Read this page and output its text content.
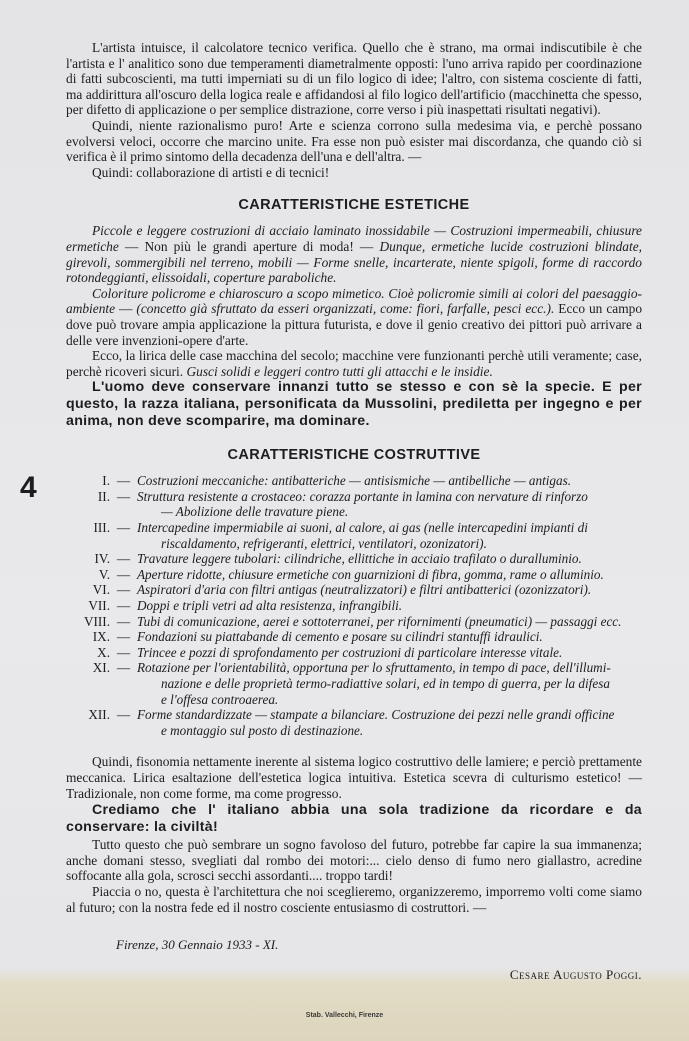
L'artista intuisce, il calcolatore tecnico verifica. Quello che è strano, ma ormai indiscutibile è che l'artista e l' analitico sono due temperamenti diametralmente opposti: l'uno arriva rapido per coordinazione di fatti subcoscienti, ma tutti imperniati su di un filo logico di idee; l'altro, con sistema cosciente di fatti, ma addirittura all'oscuro della logica reale e affidandosi al filo logico dell'artificio (macchinetta che spesso, per difetto di applicazione o per semplice distrazione, corre verso i più inaspettati risultati negativi).

Quindi, niente razionalismo puro! Arte e scienza corrono sulla medesima via, e perchè possano evolversi veloci, occorre che marcino unite. Fra esse non può esister mai discordanza, che quando ciò si verifica è il primo sintomo della decadenza dell'una e dell'altra. —

Quindi: collaborazione di artisti e di tecnici!

CARATTERISTICHE ESTETICHE

Piccole e leggere costruzioni di acciaio laminato inossidabile — Costruzioni impermeabili, chiusure ermetiche — Non più le grandi aperture di moda! — Dunque, ermetiche lucide costruzioni blindate, girevoli, sommergibili nel terreno, mobili — Forme snelle, incarterate, niente spigoli, forme di raccordo rotondeggianti, elissoidali, coperture paraboliche.

Coloriture policrome e chiaroscuro a scopo mimetico. Cioè policromie simili ai colori del paesaggio-ambiente — (concetto già sfruttato da esseri organizzati, come: fiori, farfalle, pesci ecc.). Ecco un campo dove può trovare ampia applicazione la pittura futurista, e dove il genio creativo dei pittori può arrivare a delle vere invenzioni-opere d'arte.

Ecco, la lirica delle case macchina del secolo; macchine vere funzionanti perchè utili veramente; case, perchè ricoveri sicuri. Gusci solidi e leggeri contro tutti gli attacchi e le insidie.

L'uomo deve conservare innanzi tutto se stesso e con sè la specie. E per questo, la razza italiana, personificata da Mussolini, prediletta per ingegno e per anima, non deve scomparire, ma dominare.

CARATTERISTICHE COSTRUTTIVE
4	I. — Costruzioni meccaniche: antibatteriche — antisismiche — antibelliche — antigas.
II. — Struttura resistente a crostaceo: corazza portante in lamina con nervature di rinforzo
— Abolizione delle travature piene.
III. — Intercapedine impermiabile ai suoni, al calore, ai gas (nelle intercapedini impianti di
riscaldamento, refrigeranti, elettrici, ventilatori, ozonizatori).
IV. — Travature leggere tubolari: cilindriche, ellittiche in acciaio trafilato o duralluminio.
V. — Aperture ridotte, chiusure ermetiche con guarnizioni di fibra, gomma, rame o alluminio.
VI. — Aspiratori d'aria con filtri antigas (neutralizzatori) e filtri antibatterici (ozonizzatori).
VII. — Doppi e tripli vetri ad alta resistenza, infrangibili.
VIII. — Tubi di comunicazione, aerei e sottoterranei, per rifornimenti (pneumatici) — passaggi ecc.
IX. — Fondazioni su piattabande di cemento e posare su cilindri stantuffi idraulici.
X. — Trincee e pozzi di sprofondamento per costruzioni di particolare interesse vitale.
XI. — Rotazione per l'orientabilità, opportuna per lo sfruttamento, in tempo di pace, dell'illumi-
nazione e delle proprietà termo-radiattive solari, ed in tempo di guerra, per la difesa
e l'offesa controaerea.
XII. — Forme standardizzate — stampate a bilanciare. Costruzione dei pezzi nelle grandi officine
e montaggio sul posto di destinazione.

Quindi, fisonomia nettamente inerente al sistema logico costruttivo delle lamiere; e perciò prettamente meccanica. Lirica esaltazione dell'estetica logica intuitiva. Estetica scevra di culturismo estetico! — Tradizionale, non come forme, ma come progresso.

Crediamo che l' italiano abbia una sola tradizione da ricordare e da conservare: la civiltà!

Tutto questo che può sembrare un sogno favoloso del futuro, potrebbe far capire la sua immanenza; anche domani stesso, svegliati dal rombo dei motori:... cielo denso di fumo nero giallastro, acredine soffocante alla gola, scrosci secchi assordanti.... troppo tardi!

Piaccia o no, questa è l'architettura che noi sceglieremo, organizzeremo, imporremo volti come siamo al futuro; con la nostra fede ed il nostro cosciente entusiasmo di costruttori. —

Firenze, 30 Gennaio 1933 - XI.
Cesare Augusto Poggi.
Stab. Vallecchi, Firenze
